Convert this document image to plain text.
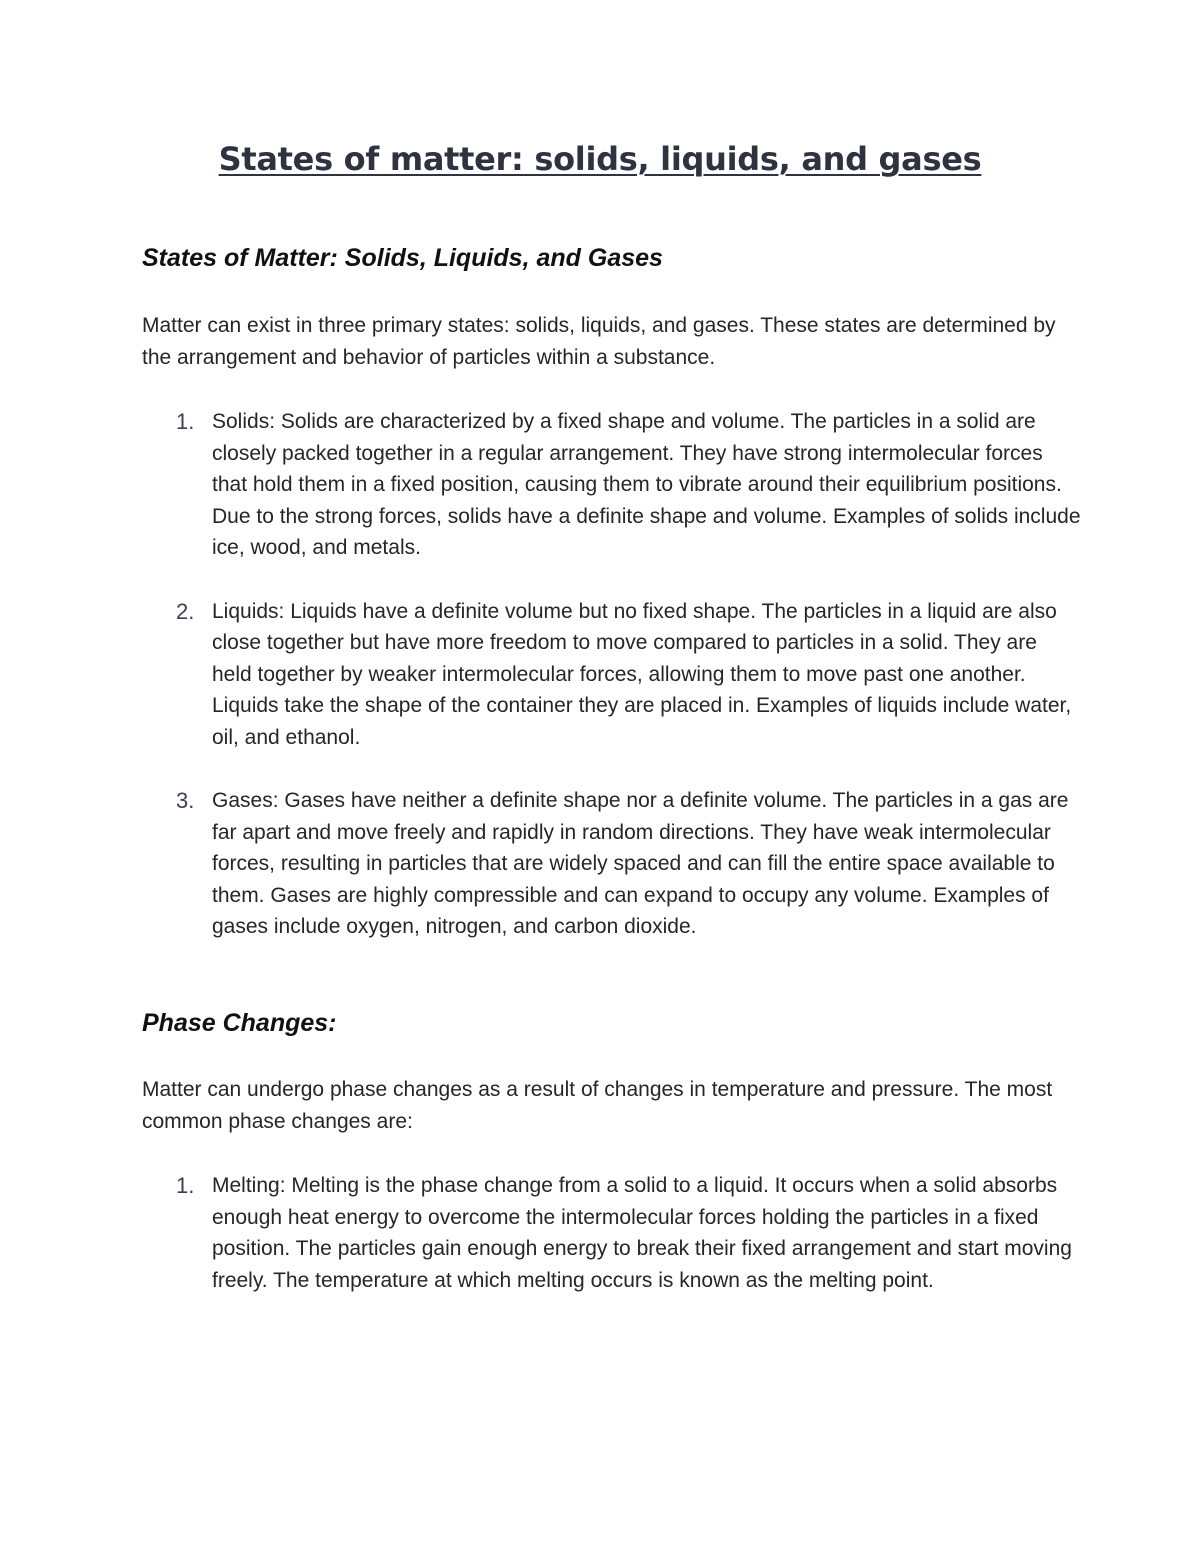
States of matter: solids, liquids, and gases
States of Matter: Solids, Liquids, and Gases

Matter can exist in three primary states: solids, liquids, and gases. These states are determined by the arrangement and behavior of particles within a substance.

1. Solids: Solids are characterized by a fixed shape and volume. The particles in a solid are closely packed together in a regular arrangement. They have strong intermolecular forces that hold them in a fixed position, causing them to vibrate around their equilibrium positions. Due to the strong forces, solids have a definite shape and volume. Examples of solids include ice, wood, and metals.
2. Liquids: Liquids have a definite volume but no fixed shape. The particles in a liquid are also close together but have more freedom to move compared to particles in a solid. They are held together by weaker intermolecular forces, allowing them to move past one another. Liquids take the shape of the container they are placed in. Examples of liquids include water, oil, and ethanol.
3. Gases: Gases have neither a definite shape nor a definite volume. The particles in a gas are far apart and move freely and rapidly in random directions. They have weak intermolecular forces, resulting in particles that are widely spaced and can fill the entire space available to them. Gases are highly compressible and can expand to occupy any volume. Examples of gases include oxygen, nitrogen, and carbon dioxide.
Phase Changes:

Matter can undergo phase changes as a result of changes in temperature and pressure. The most common phase changes are:

1. Melting: Melting is the phase change from a solid to a liquid. It occurs when a solid absorbs enough heat energy to overcome the intermolecular forces holding the particles in a fixed position. The particles gain enough energy to break their fixed arrangement and start moving freely. The temperature at which melting occurs is known as the melting point.
